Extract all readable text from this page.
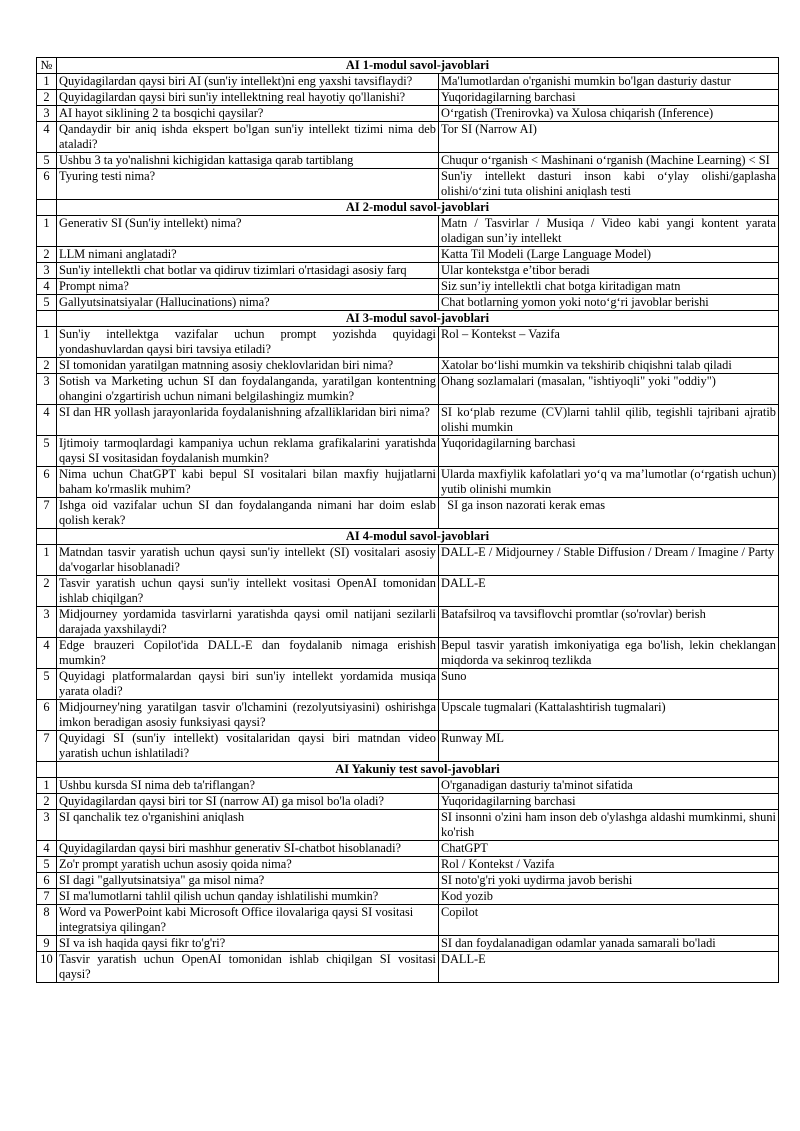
№	AI 1-modul savol-javoblari	
1	Quyidagilardan qaysi biri AI (sun'iy intellekt)ni eng yaxshi tavsiflaydi?	Ma'lumotlardan o'rganishi mumkin bo'lgan dasturiy dastur
2	Quyidagilardan qaysi biri sun'iy intellektning real hayotiy qo'llanishi?	Yuqoridagilarning barchasi
3	AI hayot siklining 2 ta bosqichi qaysilar?	O‘rgatish (Trenirovka) va Xulosa chiqarish (Inference)
4	Qandaydir bir aniq ishda ekspert bo'lgan sun'iy intellekt tizimi nima deb ataladi?	Tor SI (Narrow AI)
5	Ushbu 3 ta yo'nalishni kichigidan kattasiga qarab tartiblang	Chuqur o‘rganish < Mashinani o‘rganish (Machine Learning) < SI
6	Tyuring testi nima?	Sun'iy intellekt dasturi inson kabi o‘ylay olishi/gaplasha olishi/o‘zini tuta olishini aniqlash testi
	AI 2-modul savol-javoblari	
1	Generativ SI (Sun'iy intellekt) nima?	Matn / Tasvirlar / Musiqa / Video kabi yangi kontent yarata oladigan sun’iy intellekt
2	LLM nimani anglatadi?	Katta Til Modeli (Large Language Model)
3	Sun'iy intellektli chat botlar va qidiruv tizimlari o'rtasidagi asosiy farq	Ular kontekstga e’tibor beradi
4	Prompt nima?	Siz sun’iy intellektli chat botga kiritadigan matn
5	Gallyutsinatsiyalar (Hallucinations) nima?	Chat botlarning yomon yoki noto‘g‘ri javoblar berishi
	AI 3-modul savol-javoblari	
1	Sun'iy intellektga vazifalar uchun prompt yozishda quyidagi yondashuvlardan qaysi biri tavsiya etiladi?	Rol – Kontekst – Vazifa
2	SI tomonidan yaratilgan matnning asosiy cheklovlaridan biri nima?	Xatolar bo‘lishi mumkin va tekshirib chiqishni talab qiladi
3	Sotish va Marketing uchun SI dan foydalanganda, yaratilgan kontentning ohangini o'zgartirish uchun nimani belgilashingiz mumkin?	Ohang sozlamalari (masalan, "ishtiyoqli" yoki "oddiy")
4	SI dan HR yollash jarayonlarida foydalanishning afzalliklaridan biri nima?	SI ko‘plab rezume (CV)larni tahlil qilib, tegishli tajribani ajratib olishi mumkin
5	Ijtimoiy tarmoqlardagi kampaniya uchun reklama grafikalarini yaratishda qaysi SI vositasidan foydalanish mumkin?	Yuqoridagilarning barchasi
6	Nima uchun ChatGPT kabi bepul SI vositalari bilan maxfiy hujjatlarni baham ko'rmaslik muhim?	Ularda maxfiylik kafolatlari yo‘q va ma’lumotlar (o‘rgatish uchun) yutib olinishi mumkin
7	Ishga oid vazifalar uchun SI dan foydalanganda nimani har doim eslab qolish kerak?	SI ga inson nazorati kerak emas
	AI 4-modul savol-javoblari	
1	Matndan tasvir yaratish uchun qaysi sun'iy intellekt (SI) vositalari asosiy da'vogarlar hisoblanadi?	DALL-E / Midjourney / Stable Diffusion / Dream / Imagine / Party
2	Tasvir yaratish uchun qaysi sun'iy intellekt vositasi OpenAI tomonidan ishlab chiqilgan?	DALL-E
3	Midjourney yordamida tasvirlarni yaratishda qaysi omil natijani sezilarli darajada yaxshilaydi?	Batafsilroq va tavsiflovchi promtlar (so'rovlar) berish
4	Edge brauzeri Copilot'ida DALL-E dan foydalanib nimaga erishish mumkin?	Bepul tasvir yaratish imkoniyatiga ega bo'lish, lekin cheklangan miqdorda va sekinroq tezlikda
5	Quyidagi platformalardan qaysi biri sun'iy intellekt yordamida musiqa yarata oladi?	Suno
6	Midjourney'ning yaratilgan tasvir o'lchamini (rezolyutsiyasini) oshirishga imkon beradigan asosiy funksiyasi qaysi?	Upscale tugmalari (Kattalashtirish tugmalari)
7	Quyidagi SI (sun'iy intellekt) vositalaridan qaysi biri matndan video yaratish uchun ishlatiladi?	Runway ML
	AI Yakuniy test savol-javoblari	
1	Ushbu kursda SI nima deb ta'riflangan?	O'rganadigan dasturiy ta'minot sifatida
2	Quyidagilardan qaysi biri tor SI (narrow AI) ga misol bo'la oladi?	Yuqoridagilarning barchasi
3	SI qanchalik tez o'rganishini aniqlash	SI insonni o'zini ham inson deb o'ylashga aldashi mumkinmi, shuni ko'rish
4	Quyidagilardan qaysi biri mashhur generativ SI-chatbot hisoblanadi?	ChatGPT
5	Zo'r prompt yaratish uchun asosiy qoida nima?	Rol / Kontekst / Vazifa
6	SI dagi "gallyutsinatsiya" ga misol nima?	SI noto'g'ri yoki uydirma javob berishi
7	SI ma'lumotlarni tahlil qilish uchun qanday ishlatilishi mumkin?	Kod yozib
8	Word va PowerPoint kabi Microsoft Office ilovalariga qaysi SI vositasi integratsiya qilingan?	Copilot
9	SI va ish haqida qaysi fikr to'g'ri?	SI dan foydalanadigan odamlar yanada samarali bo'ladi
10	Tasvir yaratish uchun OpenAI tomonidan ishlab chiqilgan SI vositasi qaysi?	DALL-E
